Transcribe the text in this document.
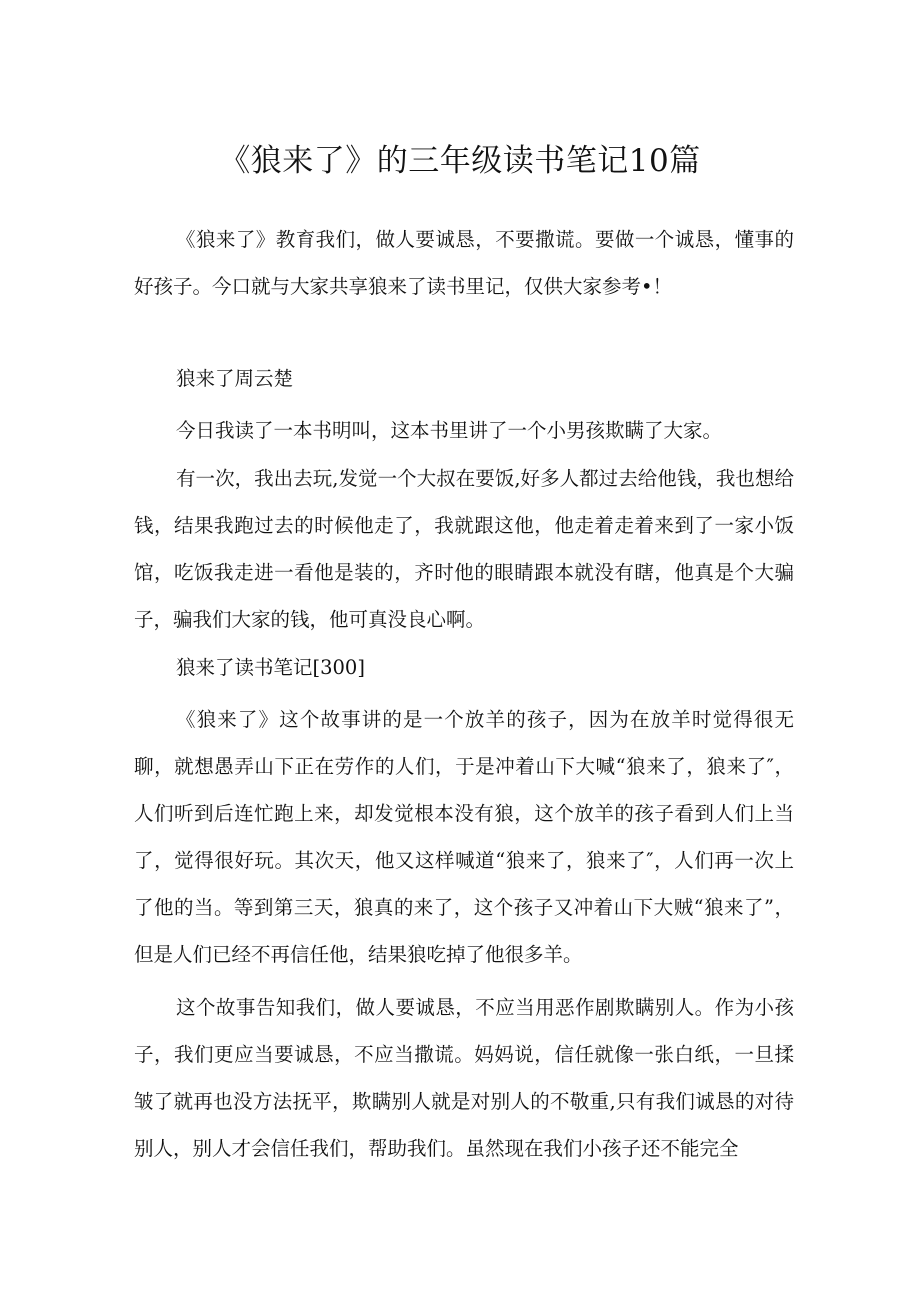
《狼来了》的三年级读书笔记10篇

《狼来了》教育我们，做人要诚恳，不要撒谎。要做一个诚恳，懂事的好孩子。今口就与大家共享狼来了读书里记，仅供大家参考•！

狼来了周云楚

今日我读了一本书明叫，这本书里讲了一个小男孩欺瞒了大家。

有一次，我出去玩,发觉一个大叔在要饭,好多人都过去给他钱，我也想给钱，结果我跑过去的时候他走了，我就跟这他，他走着走着来到了一家小饭馆，吃饭我走进一看他是装的，齐时他的眼睛跟本就没有瞎，他真是个大骗子，骗我们大家的钱，他可真没良心啊。

狼来了读书笔记[300]

《狼来了》这个故事讲的是一个放羊的孩子，因为在放羊时觉得很无聊，就想愚弄山下正在劳作的人们，于是冲着山下大喊“狼来了，狼来了″，人们听到后连忙跑上来，却发觉根本没有狼，这个放羊的孩子看到人们上当了，觉得很好玩。其次天，他又这样喊道“狼来了，狼来了″，人们再一次上了他的当。等到第三天，狼真的来了，这个孩子又冲着山下大贼“狼来了”，但是人们已经不再信任他，结果狼吃掉了他很多羊。

这个故事告知我们，做人要诚恳，不应当用恶作剧欺瞒别人。作为小孩子，我们更应当要诚恳，不应当撒谎。妈妈说，信任就像一张白纸，一旦揉皱了就再也没方法抚平，欺瞒别人就是对别人的不敬重,只有我们诚恳的对待别人，别人才会信任我们，帮助我们。虽然现在我们小孩子还不能完全
